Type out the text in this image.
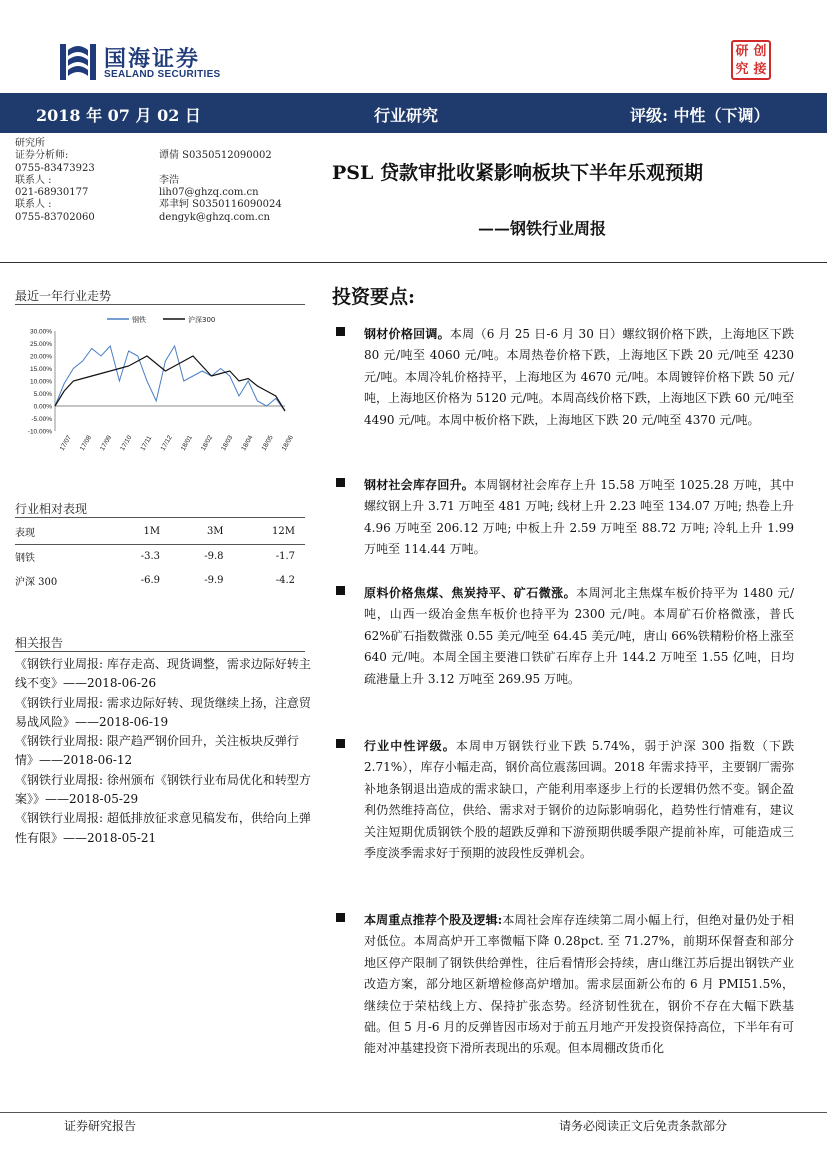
国海证券
SEALAND SECURITIES
研 创
究 接
2018 年 07 月 02 日	行业研究	评级: 中性（下调）
研究所
证券分析师:	谭倩 S0350512090002
0755-83473923
联系人 :	李浩
021-68930177	lih07@ghzq.com.cn
联系人 :	邓聿轲 S0350116090024
0755-83702060	dengyk@ghzq.com.cn
PSL 贷款审批收紧影响板块下半年乐观预期
——钢铁行业周报
最近一年行业走势
30.00%
25.00%
20.00%
15.00%
10.00%
5.00%
0.00%
-5.00%
-10.00%
17/07 17/08 17/09 17/10 17/11 17/12 18/01 18/02 18/03 18/04 18/05 18/06
钢铁	沪深300
行业相对表现
表现	1M	3M	12M
钢铁	-3.3	-9.8	-1.7
沪深 300	-6.9	-9.9	-4.2
相关报告
《钢铁行业周报: 库存走高、现货调整，需求边际好转主线不变》——2018-06-26
《钢铁行业周报: 需求边际好转、现货继续上扬，注意贸易战风险》——2018-06-19
《钢铁行业周报: 限产趋严钢价回升，关注板块反弹行情》——2018-06-12
《钢铁行业周报: 徐州颁布《钢铁行业布局优化和转型方案》》——2018-05-29
《钢铁行业周报: 超低排放征求意见稿发布，供给向上弹性有限》——2018-05-21
投资要点:
钢材价格回调。本周（6 月 25 日-6 月 30 日）螺纹钢价格下跌，上海地区下跌 80 元/吨至 4060 元/吨。本周热卷价格下跌，上海地区下跌 20 元/吨至 4230 元/吨。本周冷轧价格持平，上海地区为 4670 元/吨。本周镀锌价格下跌 50 元/吨，上海地区价格为 5120 元/吨。本周高线价格下跌，上海地区下跌 60 元/吨至 4490 元/吨。本周中板价格下跌，上海地区下跌 20 元/吨至 4370 元/吨。
钢材社会库存回升。本周钢材社会库存上升 15.58 万吨至 1025.28 万吨，其中螺纹钢上升 3.71 万吨至 481 万吨; 线材上升 2.23 吨至 134.07 万吨; 热卷上升 4.96 万吨至 206.12 万吨; 中板上升 2.59 万吨至 88.72 万吨; 冷轧上升 1.99 万吨至 114.44 万吨。
原料价格焦煤、焦炭持平、矿石微涨。本周河北主焦煤车板价持平为 1480 元/吨，山西一级冶金焦车板价也持平为 2300 元/吨。本周矿石价格微涨，普氏 62%矿石指数微涨 0.55 美元/吨至 64.45 美元/吨，唐山 66%铁精粉价格上涨至 640 元/吨。本周全国主要港口铁矿石库存上升 144.2 万吨至 1.55 亿吨，日均疏港量上升 3.12 万吨至 269.95 万吨。
行业中性评级。本周申万钢铁行业下跌 5.74%，弱于沪深 300 指数（下跌 2.71%），库存小幅走高，钢价高位震荡回调。2018 年需求持平，主要钢厂需弥补地条钢退出造成的需求缺口，产能利用率逐步上行的长逻辑仍然不变。钢企盈利仍然维持高位，供给、需求对于钢价的边际影响弱化，趋势性行情难有，建议关注短期优质钢铁个股的超跌反弹和下游预期供暖季限产提前补库，可能造成三季度淡季需求好于预期的波段性反弹机会。
本周重点推荐个股及逻辑:本周社会库存连续第二周小幅上行，但绝对量仍处于相对低位。本周高炉开工率微幅下降 0.28pct. 至 71.27%，前期环保督查和部分地区停产限制了钢铁供给弹性，往后看情形会持续，唐山继江苏后提出钢铁产业改造方案，部分地区新增检修高炉增加。需求层面新公布的 6 月 PMI51.5%，继续位于荣枯线上方、保持扩张态势。经济韧性犹在，钢价不存在大幅下跌基础。但 5 月-6 月的反弹皆因市场对于前五月地产开发投资保持高位，下半年有可能对冲基建投资下滑所表现出的乐观。但本周棚改货币化
证券研究报告	请务必阅读正文后免责条款部分
